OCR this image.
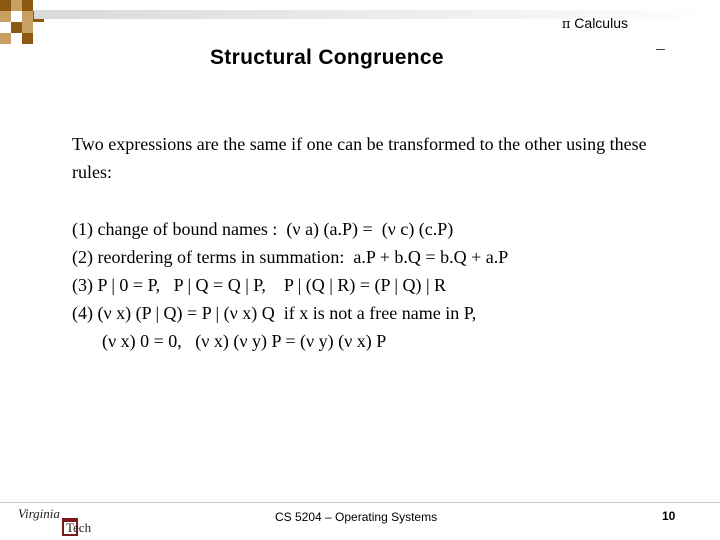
π Calculus
Structural Congruence

Two expressions are the same if one can be transformed to the other using these rules:

(1) change of bound names :  (ν a) (a.P) =  (ν c) (c.P)
(2) reordering of terms in summation:  a.P + b.Q = b.Q + a.P
(3) P | 0 = P,   P | Q = Q | P,    P | (Q | R) = (P | Q) | R
(4) (ν x) (P | Q) = P | (ν x) Q  if x is not a free name in P,
(ν x) 0 = 0,   (ν x) (ν y) P = (ν y) (ν x) P
Virginia
Tech
CS 5204 – Operating Systems	10
